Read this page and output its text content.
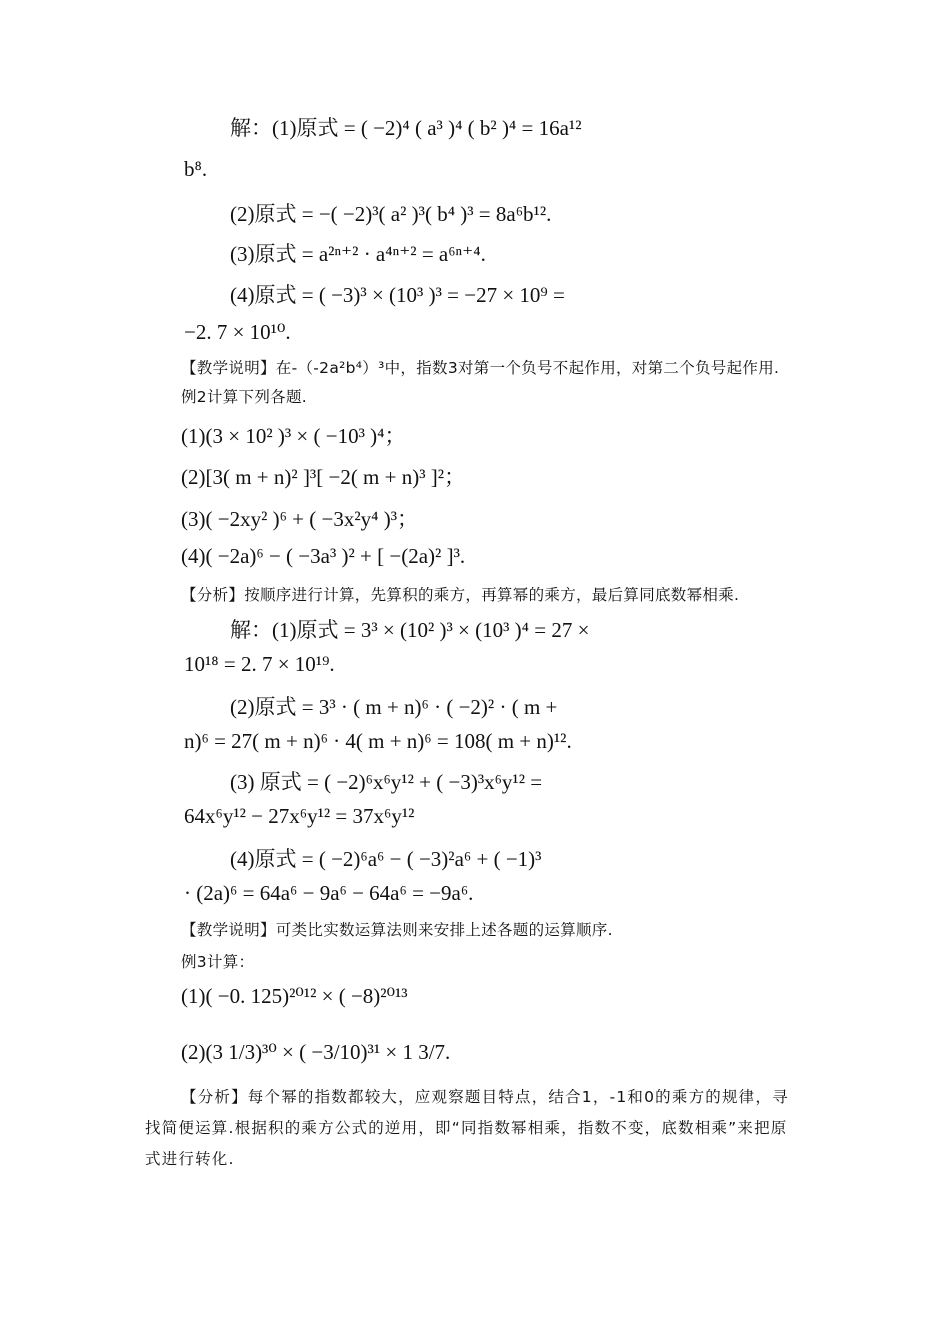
解：(1)原式 = ( −2)⁴ ( a³ )⁴ ( b² )⁴ = 16a¹²
b⁸.
(2)原式 = −( −2)³( a² )³( b⁴ )³ = 8a⁶b¹².
(3)原式 = a²ⁿ⁺² · a⁴ⁿ⁺² = a⁶ⁿ⁺⁴.
(4)原式 = ( −3)³ × (10³ )³ = −27 × 10⁹ =
−2. 7 × 10¹⁰.
【教学说明】在-（-2a²b⁴）³中，指数3对第一个负号不起作用，对第二个负号起作用.
例2计算下列各题.
(1)(3 × 10² )³ × ( −10³ )⁴；
(2)[3( m + n)² ]³[ −2( m + n)³ ]²；
(3)( −2xy² )⁶ + ( −3x²y⁴ )³；
(4)( −2a)⁶ − ( −3a³ )² + [ −(2a)² ]³.
【分析】按顺序进行计算，先算积的乘方，再算幂的乘方，最后算同底数幂相乘.
解：(1)原式 = 3³ × (10² )³ × (10³ )⁴ = 27 ×
10¹⁸ = 2. 7 × 10¹⁹.
(2)原式 = 3³ · ( m + n)⁶ · ( −2)² · ( m +
n)⁶ = 27( m + n)⁶ · 4( m + n)⁶ = 108( m + n)¹².
(3) 原式 = ( −2)⁶x⁶y¹² + ( −3)³x⁶y¹² =
64x⁶y¹² − 27x⁶y¹² = 37x⁶y¹²
(4)原式 = ( −2)⁶a⁶ − ( −3)²a⁶ + ( −1)³
· (2a)⁶ = 64a⁶ − 9a⁶ − 64a⁶ = −9a⁶.
【教学说明】可类比实数运算法则来安排上述各题的运算顺序.
例3计算：
(1)( −0. 125)²⁰¹² × ( −8)²⁰¹³
(2)(3 1/3)³⁰ × ( −3/10)³¹ × 1 3/7.
【分析】每个幂的指数都较大，应观察题目特点，结合1，-1和0的乘方的规律，寻
找简便运算.根据积的乘方公式的逆用，即“同指数幂相乘，指数不变，底数相乘”来把原
式进行转化.
